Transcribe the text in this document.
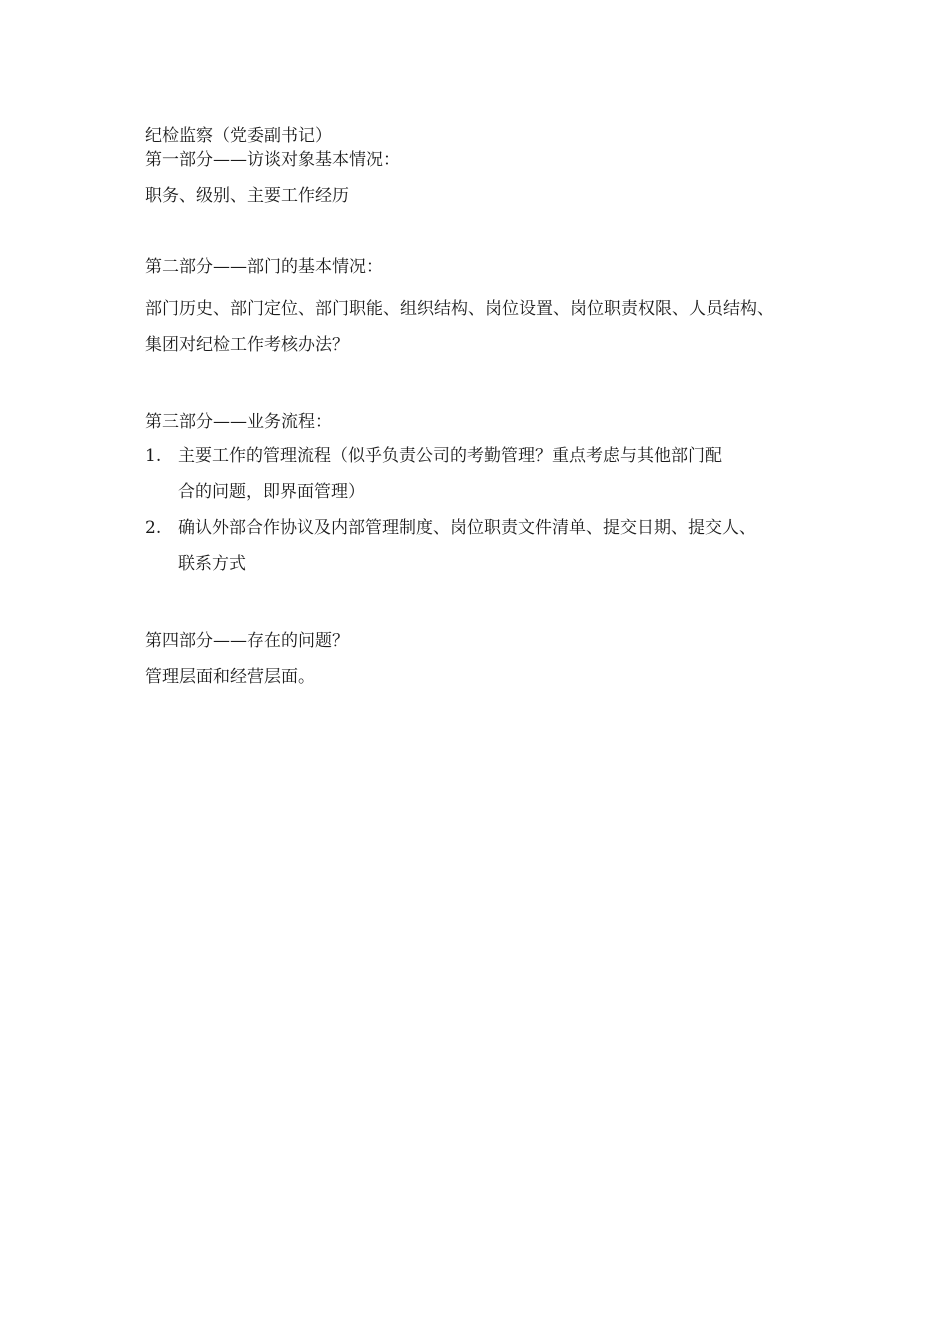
纪检监察（党委副书记）
第一部分——访谈对象基本情况：
职务、级别、主要工作经历
第二部分——部门的基本情况：
部门历史、部门定位、部门职能、组织结构、岗位设置、岗位职责权限、人员结构、
集团对纪检工作考核办法？
第三部分——业务流程：
1. 主要工作的管理流程（似乎负责公司的考勤管理？重点考虑与其他部门配
合的问题，即界面管理）
2. 确认外部合作协议及内部管理制度、岗位职责文件清单、提交日期、提交人、
联系方式
第四部分——存在的问题？
管理层面和经营层面。
